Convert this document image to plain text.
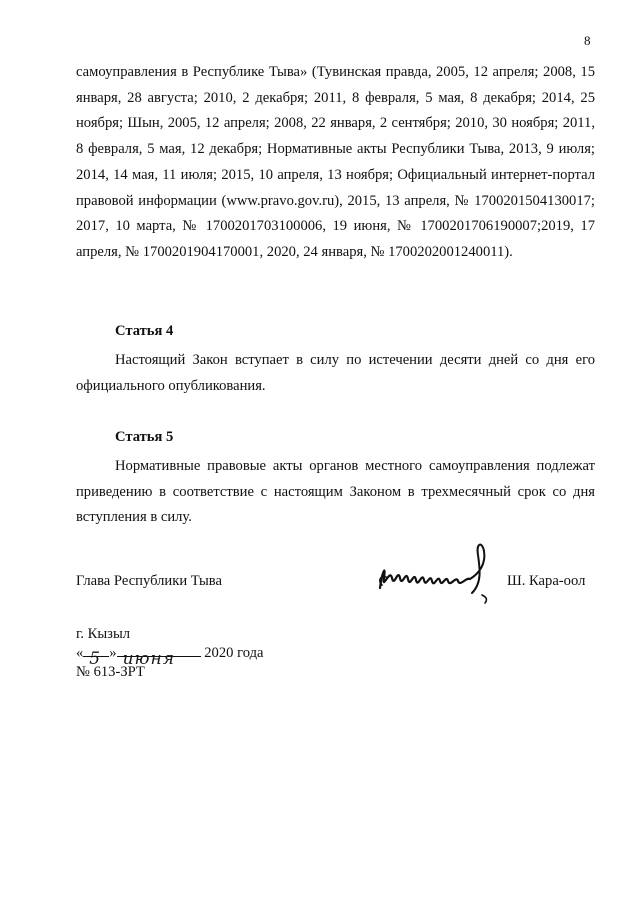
8

самоуправления в Республике Тыва» (Тувинская правда, 2005, 12 апреля; 2008, 15 января, 28 августа; 2010, 2 декабря; 2011, 8 февраля, 5 мая, 8 декабря; 2014, 25 ноября; Шын, 2005, 12 апреля; 2008, 22 января, 2 сентября; 2010, 30 ноября; 2011, 8 февраля, 5 мая, 12 декабря; Нормативные акты Республики Тыва, 2013, 9 июля; 2014, 14 мая, 11 июля; 2015, 10 апреля, 13 ноября; Официальный интернет-портал правовой информации (www.pravo.gov.ru), 2015, 13 апреля, № 1700201504130017; 2017, 10 марта, № 1700201703100006, 19 июня, № 1700201706190007;2019, 17 апреля, № 1700201904170001, 2020, 24 января, № 1700202001240011).

Статья 4

Настоящий Закон вступает в силу по истечении десяти дней со дня его официального опубликования.

Статья 5

Нормативные правовые акты органов местного самоуправления подлежат приведению в соответствие с настоящим Законом в трехмесячный срок со дня вступления в силу.

Глава Республики Тыва	Ш. Кара-оол
г. Кызыл
« 5 » июня 2020 года
№ 613-ЗРТ
